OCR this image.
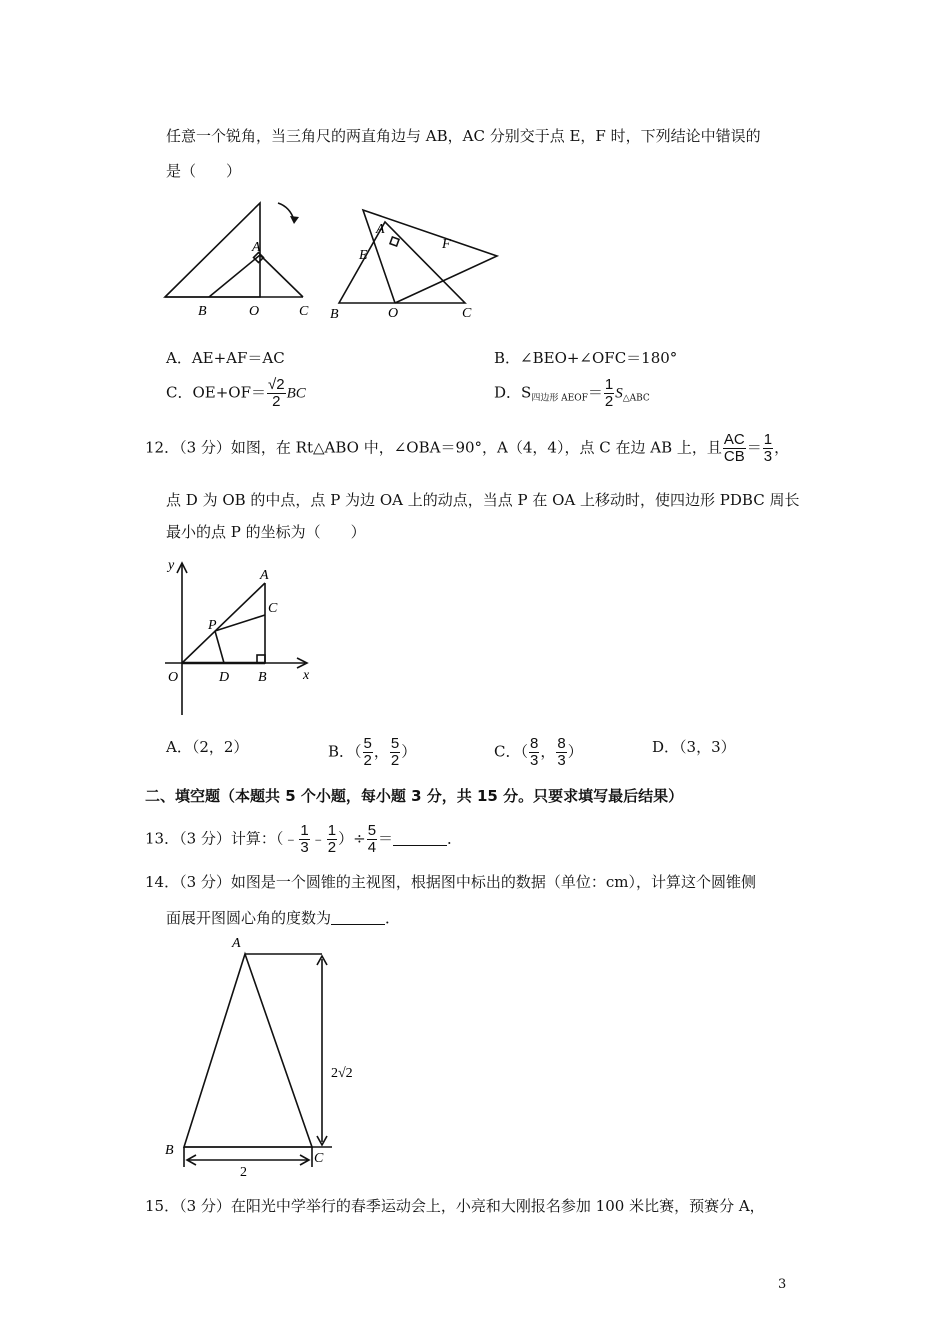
任意一个锐角，当三角尺的两直角边与 AB，AC 分别交于点 E，F 时，下列结论中错误的
是（　　）
A
B	O	C
A
E
F
B	O	C
A．AE+AF＝AC	B．∠BEO+∠OFC＝180°
C．$OE+OF= \frac{√2}{2}$ BC	D．$S_{四边形 AEOF}= \frac{1}{2} S_{\triangle ABC}$
12．（3 分）如图，在 Rt△ABO 中，∠OBA＝90°，A（4，4），点 C 在边 AB 上，且 $\frac{AC}{CB} = \frac{1}{3}$ ，
点 D 为 OB 的中点，点 P 为边 OA 上的动点，当点 P 在 OA 上移动时，使四边形 PDBC 周长
最小的点 P 的坐标为（　　）
y
x
A
C
P
O	D B
A．（2，2）	B．（ $\frac{5}{2}$ ， $\frac{5}{2}$ ）	C．（ $\frac{8}{3}$ ， $\frac{8}{3}$ ）	D．（3，3）
二、填空题（本题共 5 个小题，每小题 3 分，共 15 分。只要求填写最后结果）
13．（3 分）计算：（﹣ $\frac{1}{3}$ ﹣ $\frac{1}{2}$ ）÷ $\frac{5}{4}$ ＝	．
14．（3 分）如图是一个圆锥的主视图，根据图中标出的数据（单位：cm），计算这个圆锥侧
面展开图圆心角的度数为	．
A
B
C
2√2
2
15．（3 分）在阳光中学举行的春季运动会上，小亮和大刚报名参加 100 米比赛，预赛分 A，
3
